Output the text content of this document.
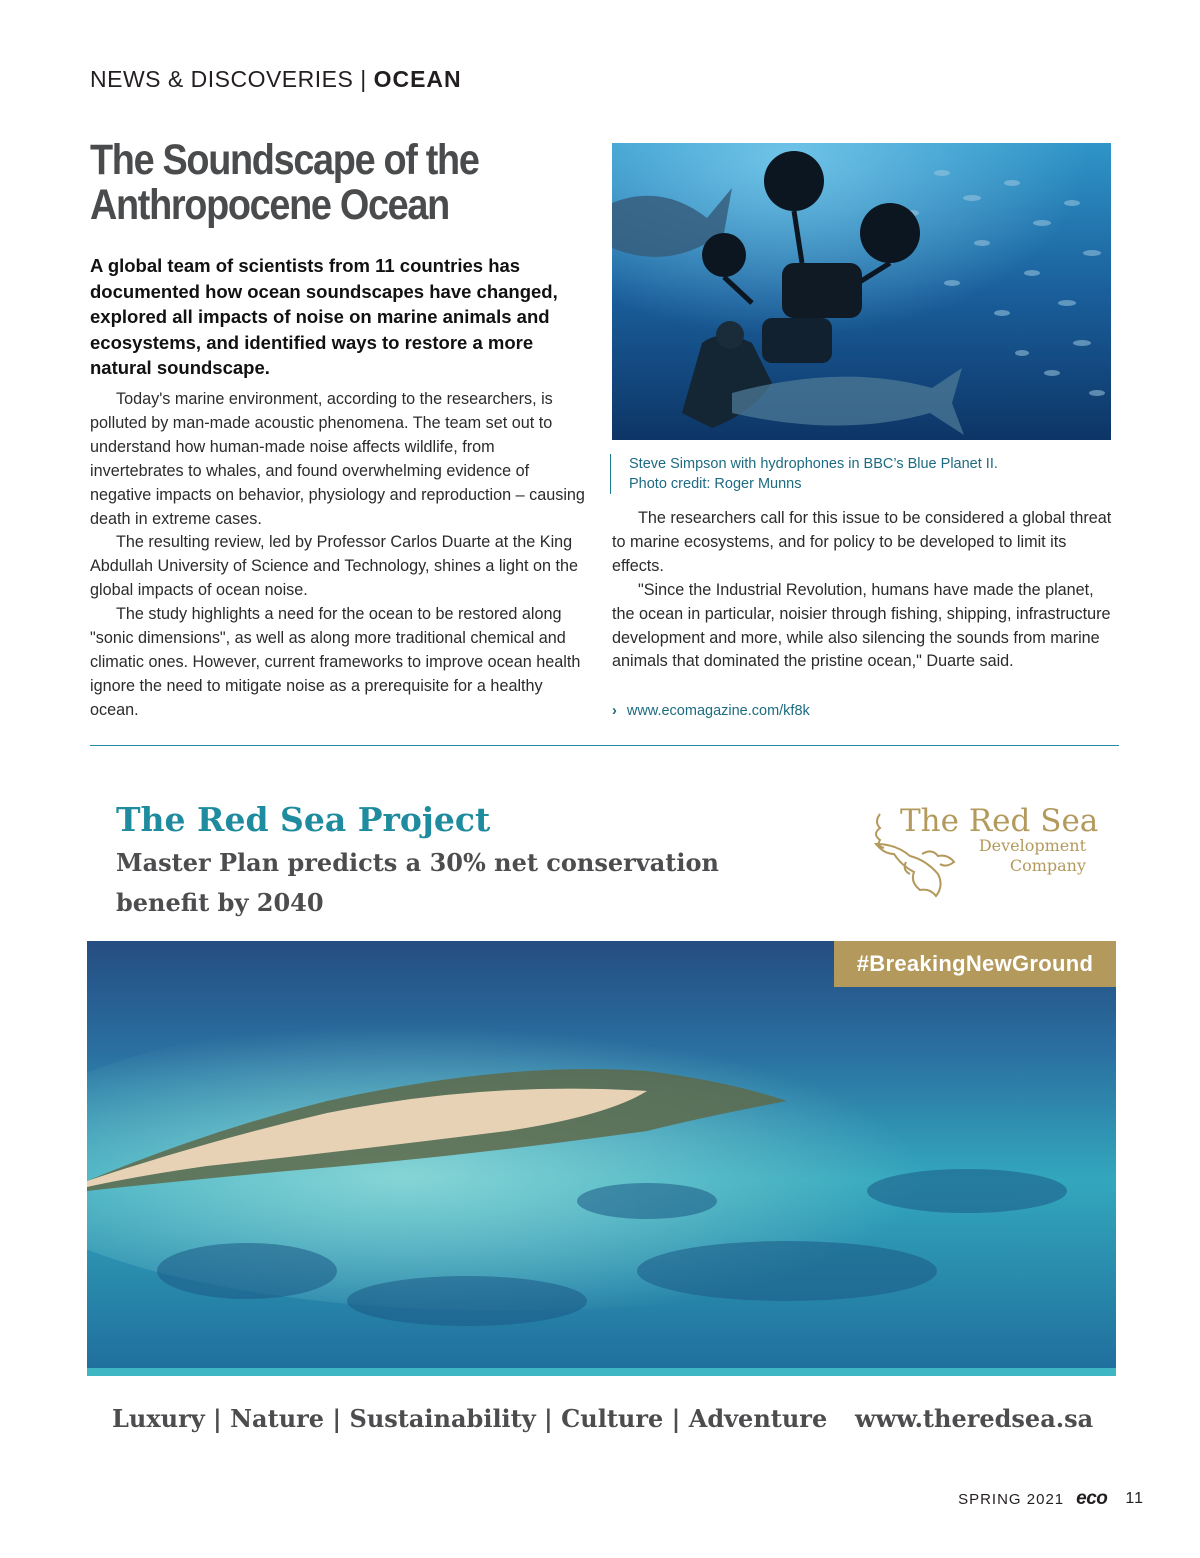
NEWS & DISCOVERIES | OCEAN
The Soundscape of the Anthropocene Ocean
A global team of scientists from 11 countries has documented how ocean soundscapes have changed, explored all impacts of noise on marine animals and ecosystems, and identified ways to restore a more natural soundscape.

Today's marine environment, according to the researchers, is polluted by man-made acoustic phenomena. The team set out to understand how human-made noise affects wildlife, from invertebrates to whales, and found overwhelming evidence of negative impacts on behavior, physiology and reproduction – causing death in extreme cases.

The resulting review, led by Professor Carlos Duarte at the King Abdullah University of Science and Technology, shines a light on the global impacts of ocean noise.

The study highlights a need for the ocean to be restored along "sonic dimensions", as well as along more traditional chemical and climatic ones. However, current frameworks to improve ocean health ignore the need to mitigate noise as a prerequisite for a healthy ocean.

Steve Simpson with hydrophones in BBC’s Blue Planet II. Photo credit: Roger Munns

The researchers call for this issue to be considered a global threat to marine ecosystems, and for policy to be developed to limit its effects.

"Since the Industrial Revolution, humans have made the planet, the ocean in particular, noisier through fishing, shipping, infrastructure development and more, while also silencing the sounds from marine animals that dominated the pristine ocean," Duarte said.

› www.ecomagazine.com/kf8k
The Red Sea Project
Master Plan predicts a 30% net conservation benefit by 2040
The Red Sea
Development
Company
#BreakingNewGround
Luxury | Nature | Sustainability | Culture | Adventure www.theredsea.sa
SPRING 2021 eco 11
